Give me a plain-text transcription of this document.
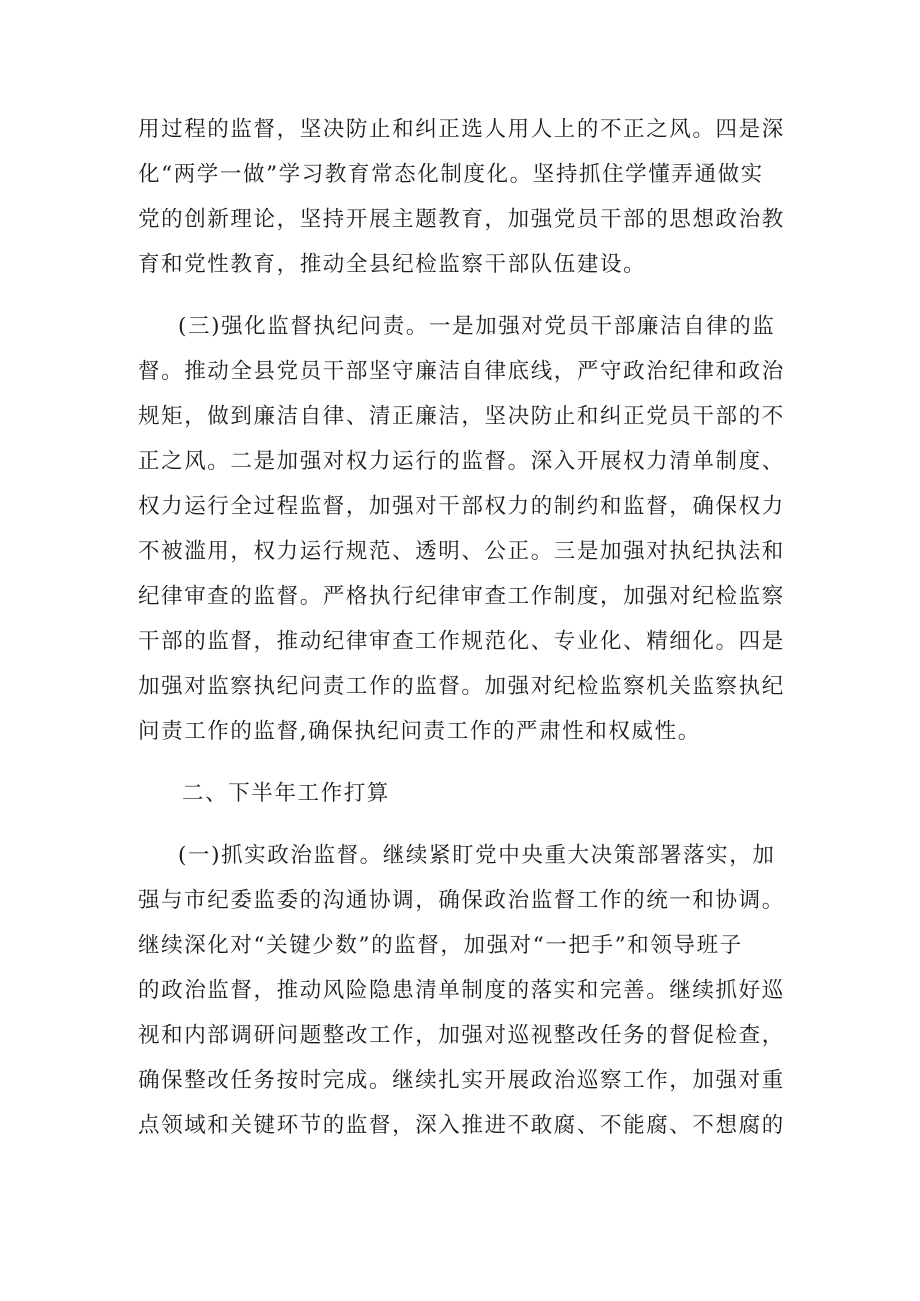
用过程的监督，坚决防止和纠正选人用人上的不正之风。四是深
化“两学一做”学习教育常态化制度化。坚持抓住学懂弄通做实
党的创新理论，坚持开展主题教育，加强党员干部的思想政治教
育和党性教育，推动全县纪检监察干部队伍建设。
(三)强化监督执纪问责。一是加强对党员干部廉洁自律的监
督。推动全县党员干部坚守廉洁自律底线，严守政治纪律和政治
规矩，做到廉洁自律、清正廉洁，坚决防止和纠正党员干部的不
正之风。二是加强对权力运行的监督。深入开展权力清单制度、
权力运行全过程监督，加强对干部权力的制约和监督，确保权力
不被滥用，权力运行规范、透明、公正。三是加强对执纪执法和
纪律审查的监督。严格执行纪律审查工作制度，加强对纪检监察
干部的监督，推动纪律审查工作规范化、专业化、精细化。四是
加强对监察执纪问责工作的监督。加强对纪检监察机关监察执纪
问责工作的监督,确保执纪问责工作的严肃性和权威性。
二、下半年工作打算
(一)抓实政治监督。继续紧盯党中央重大决策部署落实，加
强与市纪委监委的沟通协调，确保政治监督工作的统一和协调。
继续深化对“关键少数”的监督，加强对“一把手”和领导班子
的政治监督，推动风险隐患清单制度的落实和完善。继续抓好巡
视和内部调研问题整改工作，加强对巡视整改任务的督促检查，
确保整改任务按时完成。继续扎实开展政治巡察工作，加强对重
点领域和关键环节的监督，深入推进不敢腐、不能腐、不想腐的
